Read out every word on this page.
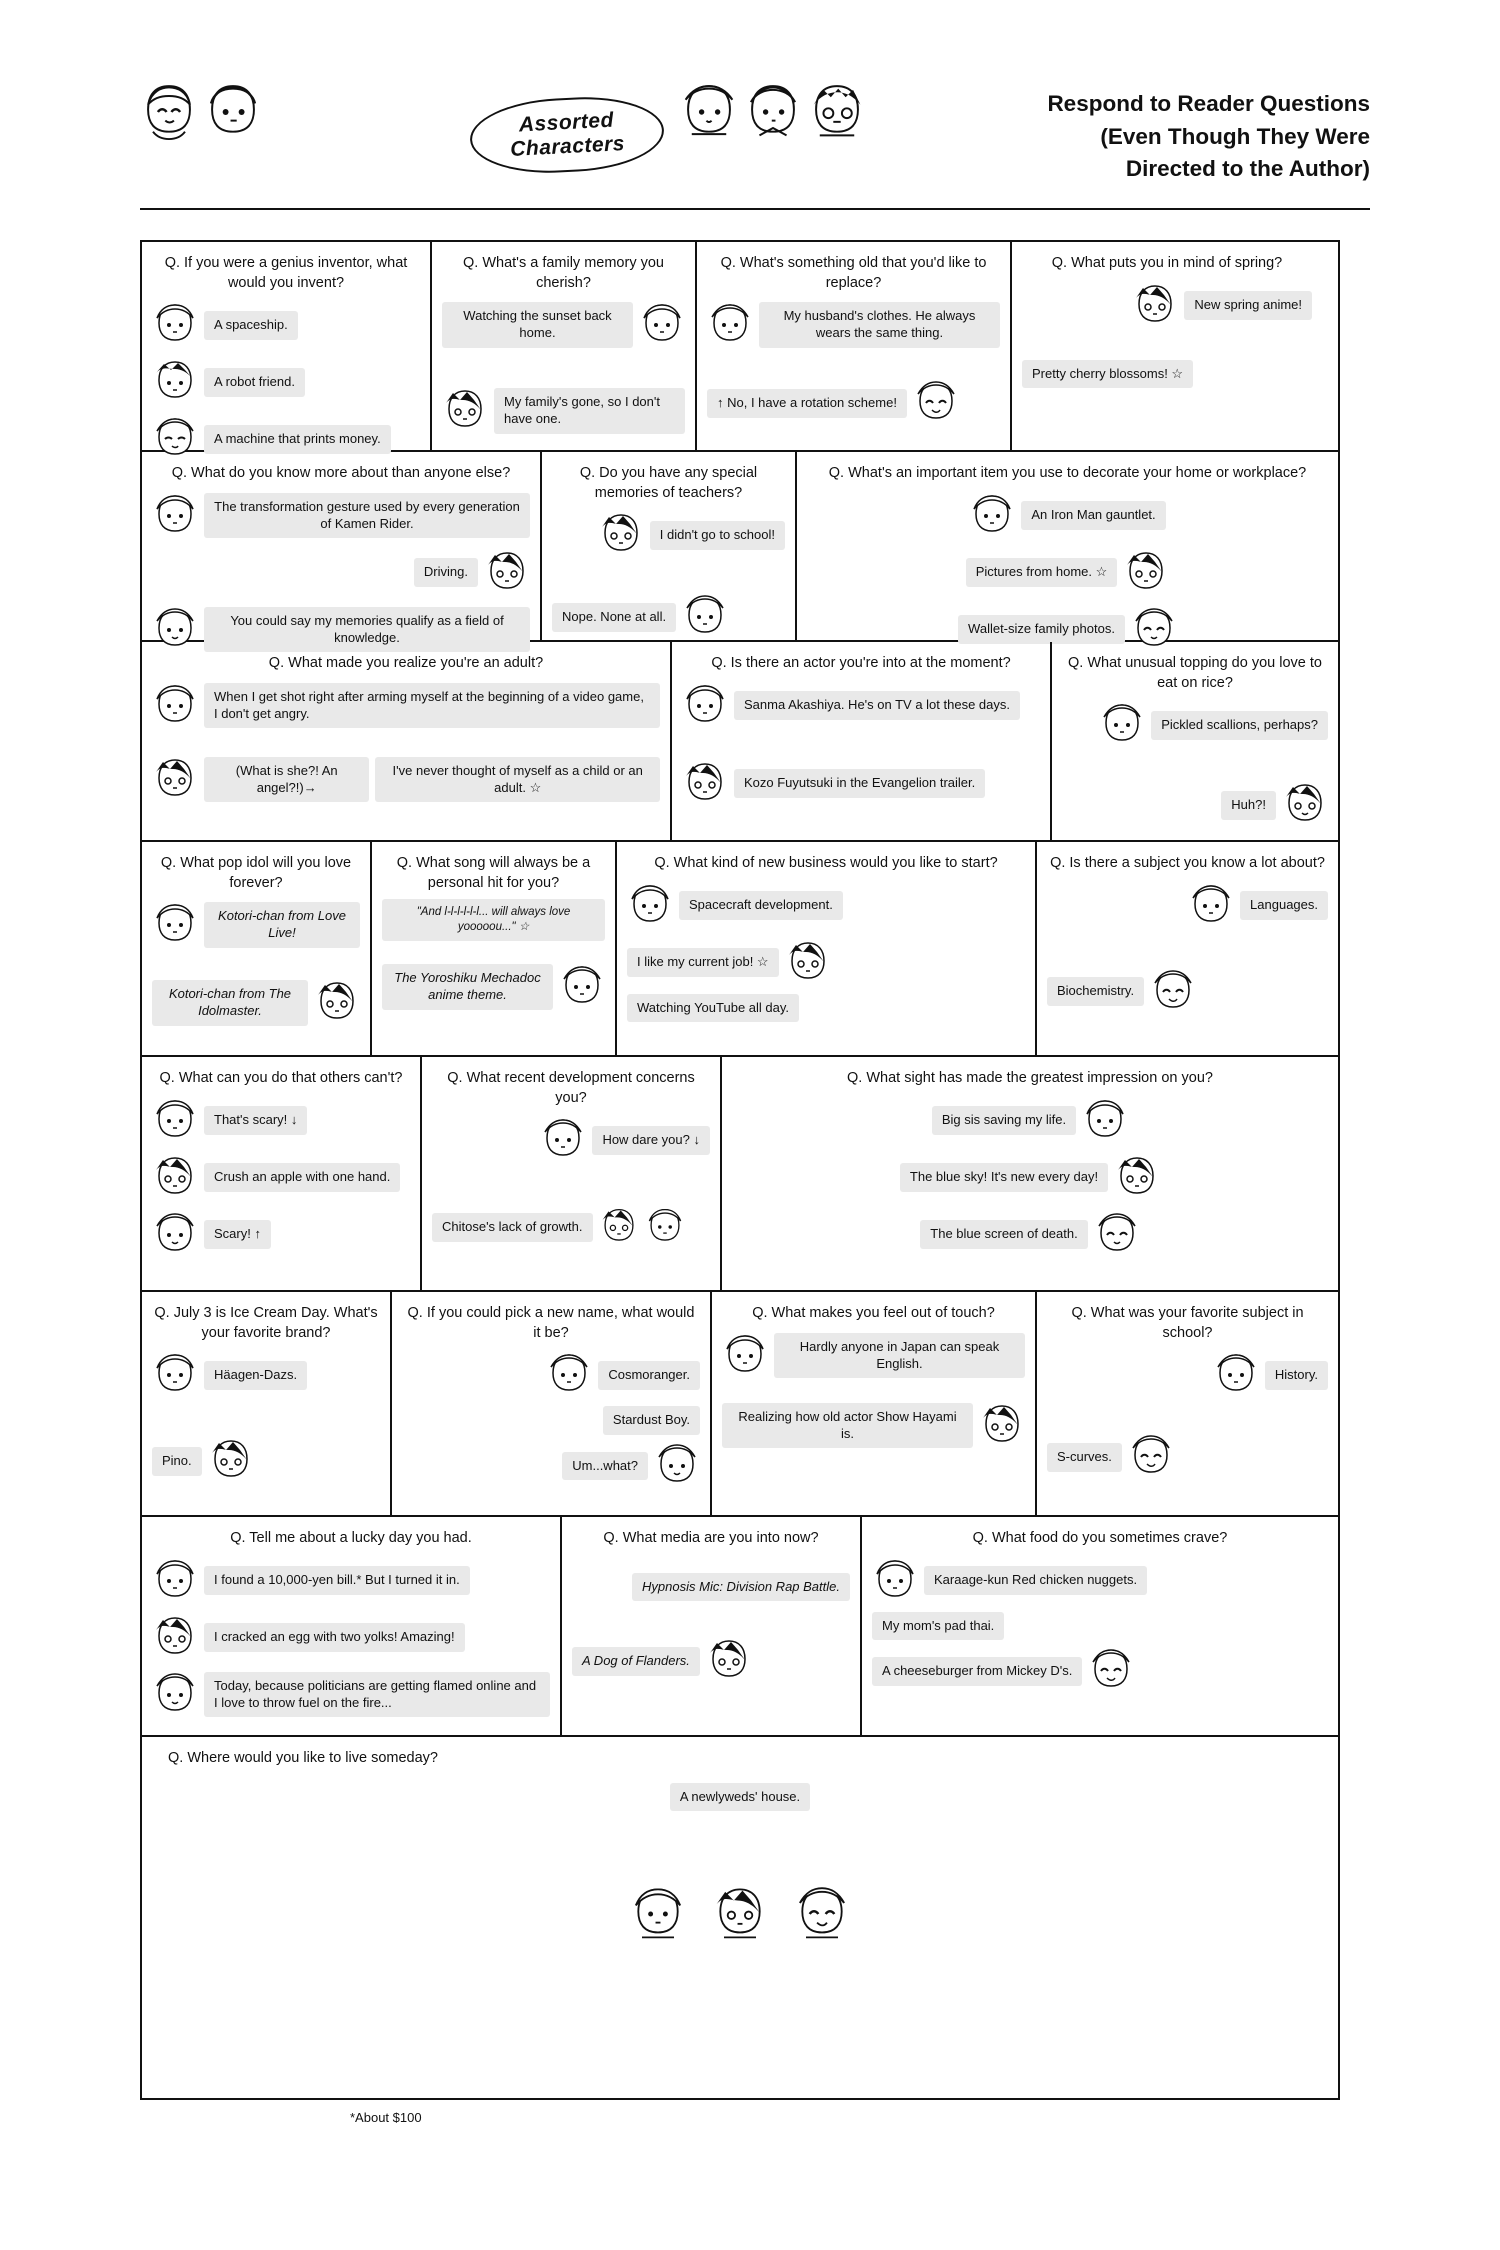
Assorted
Characters
Respond to Reader Questions
(Even Though They Were
Directed to the Author)
Q. If you were a genius inventor, what would you invent?
A spaceship.
A robot friend.
A machine that prints money.
Q. What's a family memory you cherish?
Watching the sunset back home.
My family's gone, so I don't have one.
Q. What's something old that you'd like to replace?
My husband's clothes. He always wears the same thing.
↑ No, I have a rotation scheme!
Q. What puts you in mind of spring?
New spring anime!
Pretty cherry blossoms! ☆
Q. What do you know more about than anyone else?
The transformation gesture used by every generation of Kamen Rider.
Driving.
You could say my memories qualify as a field of knowledge.
Q. Do you have any special memories of teachers?
I didn't go to school!
Nope. None at all.
Q. What's an important item you use to decorate your home or workplace?
An Iron Man gauntlet.
Pictures from home. ☆
Wallet-size family photos.
Q. What made you realize you're an adult?
When I get shot right after arming myself at the beginning of a video game, I don't get angry.
(What is she?! An angel?!)→
I've never thought of myself as a child or an adult. ☆
Q. Is there an actor you're into at the moment?
Sanma Akashiya. He's on TV a lot these days.
Kozo Fuyutsuki in the Evangelion trailer.
Q. What unusual topping do you love to eat on rice?
Pickled scallions, perhaps?
Huh?!
Q. What pop idol will you love forever?
Kotori-chan from Love Live!
Kotori-chan from The Idolmaster.
Q. What song will always be a personal hit for you?
"And l-l-l-l-l-l... will always love yooooou..." ☆
The Yoroshiku Mechadoc anime theme.
Q. What kind of new business would you like to start?
Spacecraft development.
I like my current job! ☆
Watching YouTube all day.
Q. Is there a subject you know a lot about?
Languages.
Biochemistry.
Q. What can you do that others can't?
That's scary! ↓
Crush an apple with one hand.
Scary! ↑
Q. What recent development concerns you?
How dare you? ↓
Chitose's lack of growth.
Q. What sight has made the greatest impression on you?
Big sis saving my life.
The blue sky! It's new every day!
The blue screen of death.
Q. July 3 is Ice Cream Day. What's your favorite brand?
Häagen-Dazs.
Pino.
Q. If you could pick a new name, what would it be?
Cosmoranger.
Stardust Boy.
Um...what?
Q. What makes you feel out of touch?
Hardly anyone in Japan can speak English.
Realizing how old actor Show Hayami is.
Q. What was your favorite subject in school?
History.
S-curves.
Q. Tell me about a lucky day you had.
I found a 10,000-yen bill.* But I turned it in.
I cracked an egg with two yolks! Amazing!
Today, because politicians are getting flamed online and I love to throw fuel on the fire...
Q. What media are you into now?
Hypnosis Mic: Division Rap Battle.
A Dog of Flanders.
Q. What food do you sometimes crave?
Karaage-kun Red chicken nuggets.
My mom's pad thai.
A cheeseburger from Mickey D's.
Q. Where would you like to live someday?
A newlyweds' house.
*About $100
